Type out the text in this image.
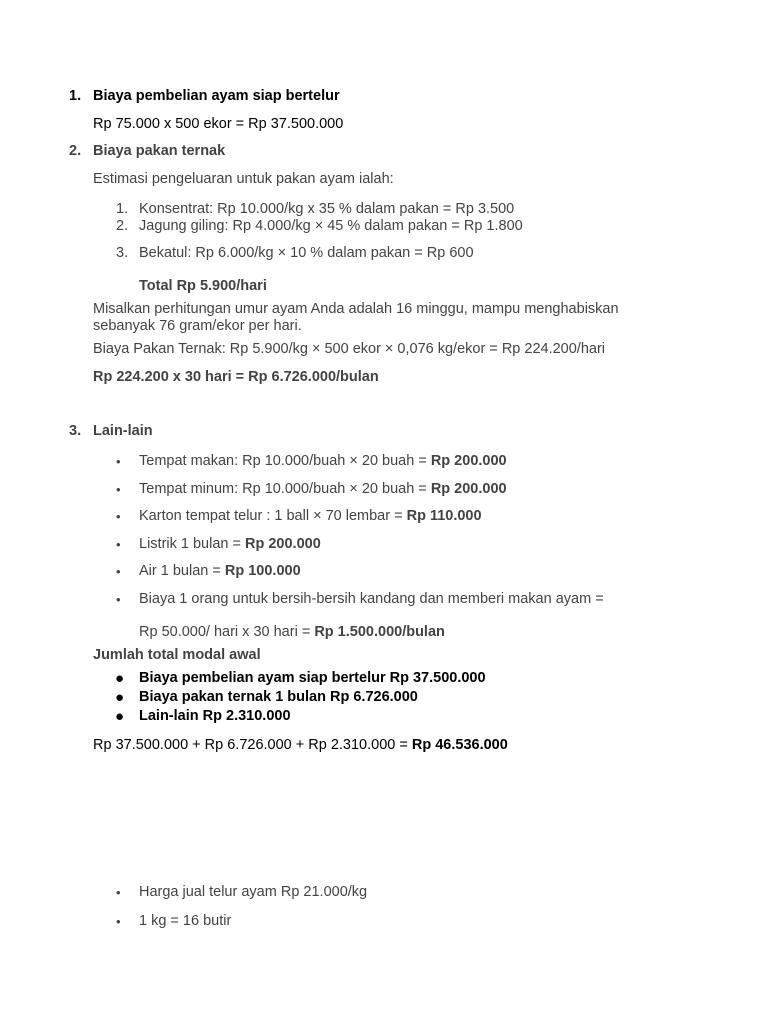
1. Biaya pembelian ayam siap bertelur
Rp 75.000 x 500 ekor = Rp 37.500.000
2. Biaya pakan ternak
Estimasi pengeluaran untuk pakan ayam ialah:
1. Konsentrat: Rp 10.000/kg x 35 % dalam pakan = Rp 3.500
2. Jagung giling: Rp 4.000/kg × 45 % dalam pakan = Rp 1.800
3. Bekatul: Rp 6.000/kg × 10 % dalam pakan = Rp 600
Total Rp 5.900/hari
Misalkan perhitungan umur ayam Anda adalah 16 minggu, mampu menghabiskan
sebanyak 76 gram/ekor per hari.
Biaya Pakan Ternak: Rp 5.900/kg × 500 ekor × 0,076 kg/ekor = Rp 224.200/hari
Rp 224.200 x 30 hari = Rp 6.726.000/bulan
3. Lain-lain
• Tempat makan: Rp 10.000/buah × 20 buah = Rp 200.000
• Tempat minum: Rp 10.000/buah × 20 buah = Rp 200.000
• Karton tempat telur : 1 ball × 70 lembar = Rp 110.000
• Listrik 1 bulan = Rp 200.000
• Air 1 bulan = Rp 100.000
• Biaya 1 orang untuk bersih-bersih kandang dan memberi makan ayam =
Rp 50.000/ hari x 30 hari = Rp 1.500.000/bulan
Jumlah total modal awal
● Biaya pembelian ayam siap bertelur Rp 37.500.000
● Biaya pakan ternak 1 bulan Rp 6.726.000
● Lain-lain Rp 2.310.000
Rp 37.500.000 + Rp 6.726.000 + Rp 2.310.000 = Rp 46.536.000
• Harga jual telur ayam Rp 21.000/kg
• 1 kg = 16 butir
